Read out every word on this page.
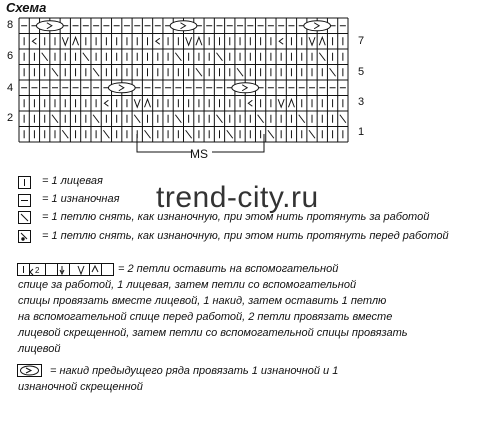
Схема
8
6
4
2
7
5
3
1
MS
2
= 1 лицевая
= 1 изнаночная
= 1 петлю снять, как изнаночную, при этом нить протянуть за работой
= 1 петлю снять, как изнаночную, при этом нить протянуть перед работой
= 2 петли оставить на вспомогательной
спице за работой, 1 лицевая, затем петли со вспомогательной
спицы провязать вместе лицевой, 1 накид, затем оставить 1 петлю
на вспомогательной спице перед работой, 2 петли провязать вместе
лицевой скрещенной, затем петли со вспомогательной спицы провязать
лицевой
= накид предыдущего ряда провязать 1 изнаночной и 1
изнаночной скрещенной
trend-city.ru
